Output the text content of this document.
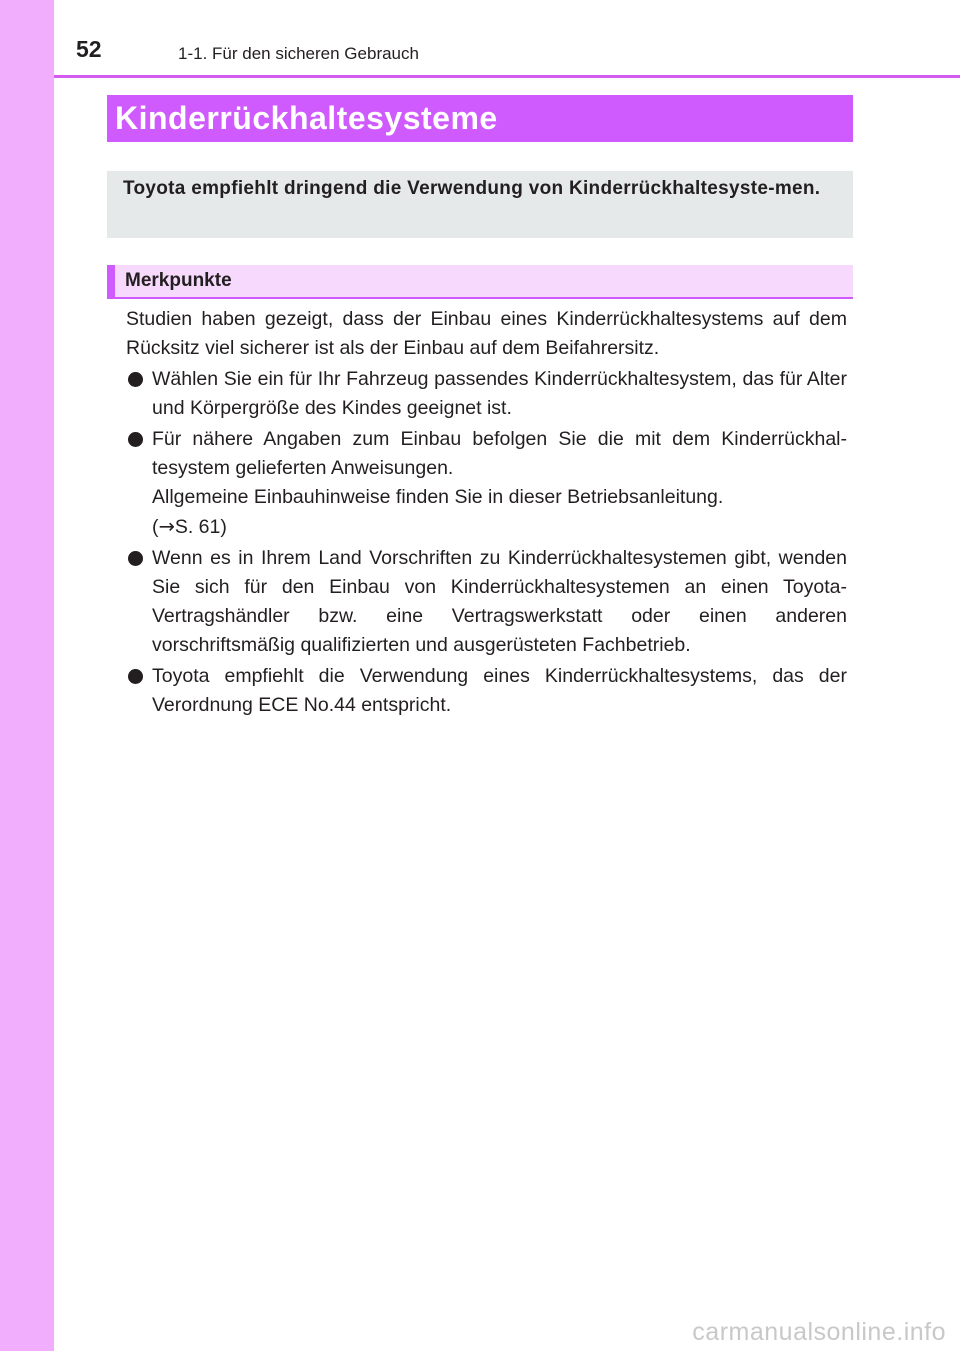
52	1-1. Für den sicheren Gebrauch
Kinderrückhaltesysteme
Toyota empfiehlt dringend die Verwendung von Kinderrückhaltesyste-men.
Merkpunkte

Studien haben gezeigt, dass der Einbau eines Kinderrückhaltesystems auf dem Rücksitz viel sicherer ist als der Einbau auf dem Beifahrersitz.

Wählen Sie ein für Ihr Fahrzeug passendes Kinderrückhaltesystem, das für Alter und Körpergröße des Kindes geeignet ist.

Für nähere Angaben zum Einbau befolgen Sie die mit dem Kinderrückhal-tesystem gelieferten Anweisungen.

Allgemeine Einbauhinweise finden Sie in dieser Betriebsanleitung.

(→S. 61)

Wenn es in Ihrem Land Vorschriften zu Kinderrückhaltesystemen gibt, wenden Sie sich für den Einbau von Kinderrückhaltesystemen an einen Toyota-Vertragshändler bzw. eine Vertragswerkstatt oder einen anderen vorschriftsmäßig qualifizierten und ausgerüsteten Fachbetrieb.

Toyota empfiehlt die Verwendung eines Kinderrückhaltesystems, das der Verordnung ECE No.44 entspricht.

carmanualsonline.info
